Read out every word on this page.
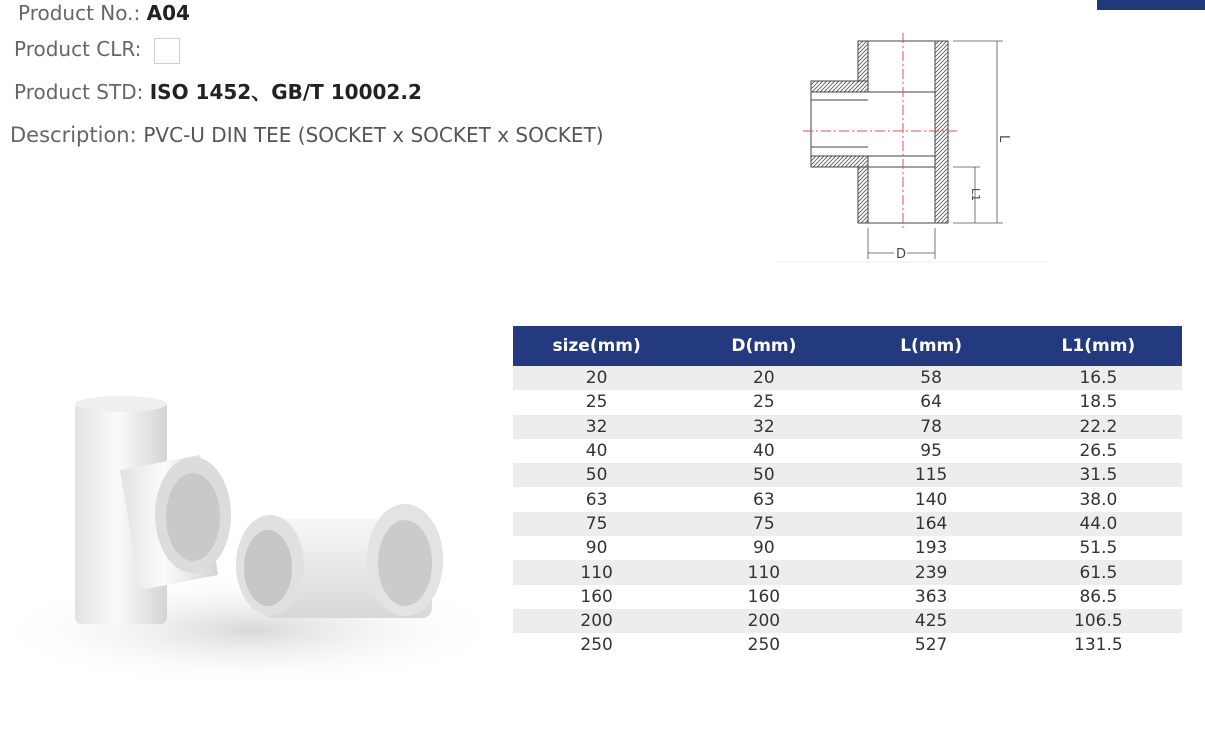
Product No.: A04
Product CLR:
Product STD: ISO 1452、GB/T 10002.2
Description: PVC-U DIN TEE (SOCKET x SOCKET x SOCKET)	L
L1
D
size(mm)	D(mm)	L(mm)	L1(mm)
20	20	58	16.5
25	25	64	18.5
32	32	78	22.2
40	40	95	26.5
50	50	115	31.5
63	63	140	38.0
75	75	164	44.0
90	90	193	51.5
110	110	239	61.5
160	160	363	86.5
200	200	425	106.5
250	250	527	131.5
